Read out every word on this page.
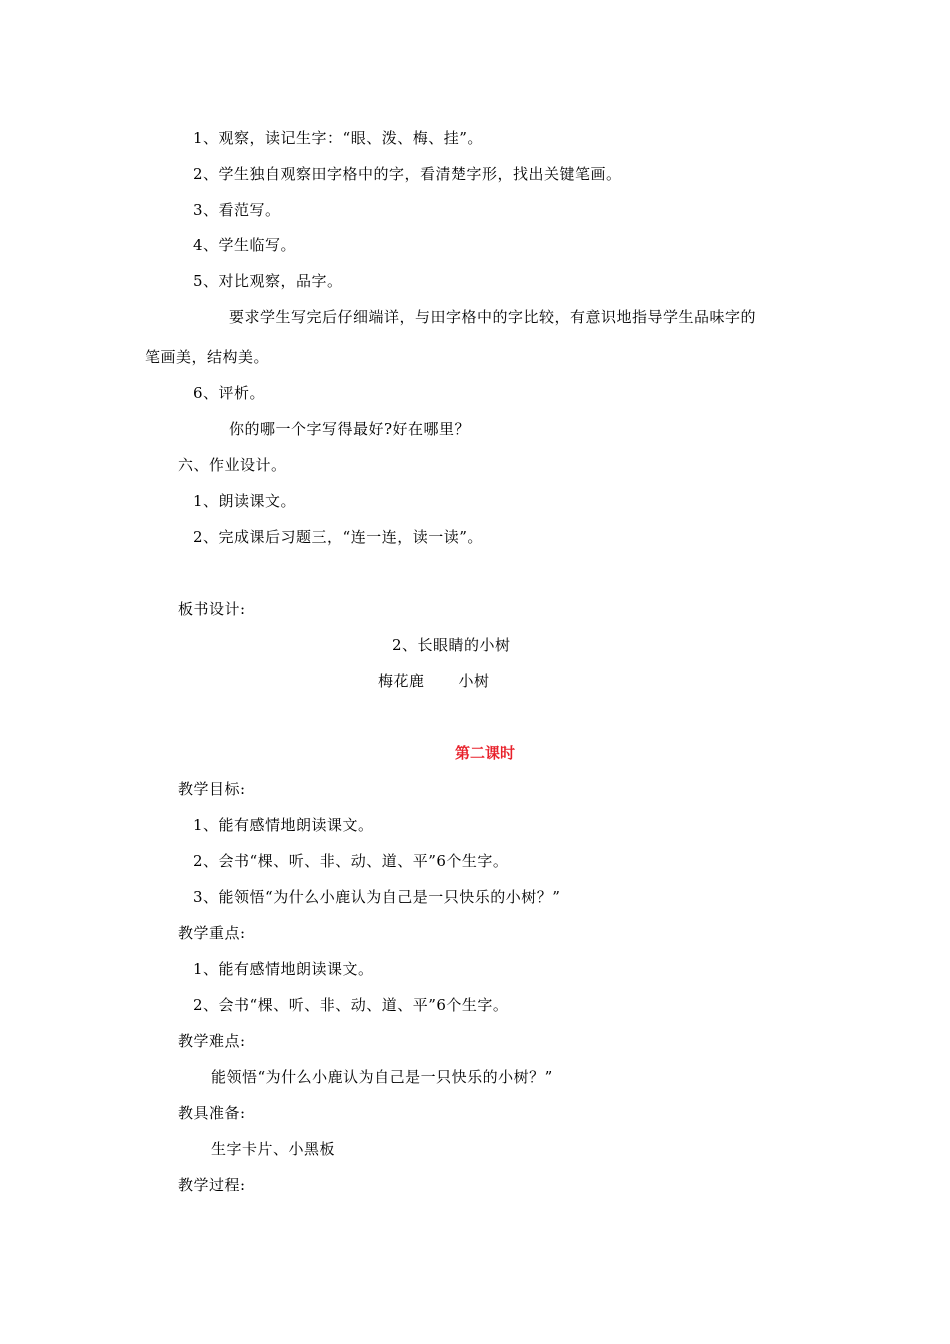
1、观察，读记生字：“眼、泼、梅、挂”。
2、学生独自观察田字格中的字，看清楚字形，找出关键笔画。
3、看范写。
4、学生临写。
5、对比观察，品字。
要求学生写完后仔细端详，与田字格中的字比较，有意识地指导学生品味字的
笔画美，结构美。
6、评析。
你的哪一个字写得最好?好在哪里？
六、作业设计。
1、朗读课文。
2、完成课后习题三，“连一连，读一读”。
板书设计:
2、长眼睛的小树
梅花鹿 小树
第二课时
教学目标:
1、能有感情地朗读课文。
2、会书“棵、听、非、动、道、平”6个生字。
3、能领悟“为什么小鹿认为自己是一只快乐的小树？”
教学重点:
1、能有感情地朗读课文。
2、会书“棵、听、非、动、道、平”6个生字。
教学难点:
能领悟“为什么小鹿认为自己是一只快乐的小树？”
教具准备:
生字卡片、小黑板
教学过程:
